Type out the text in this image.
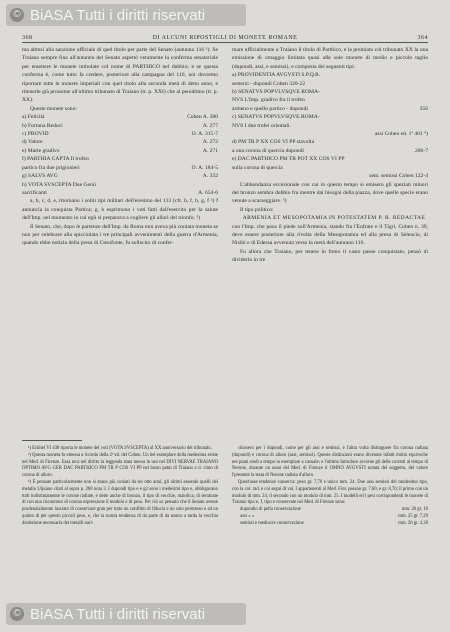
© BiASA Tutti i diritti riservati
368	DI ALCUNI RIPOSTIGLI DI MONETE ROMANE	364

ma altresì alla sanzione ufficiale di quel titolo per parte del Senato (autunno 116 ¹). Se Traiano sempre fino all'autunno del Senato aspettò veramente la conferma senatoriale per emettere le monete intitolate col nome di PARTHICO nel dubbio; e se questa conferma è, come tutto fa credere, posteriore alla campagna del 116, noi dovremo riportare tutte le monete imperiali con quel titolo alla seconda metà di detto anno, e ritenerle già prossime all'ultimo tribunato di Traiano (tr. p. XXI) che al penultimo (tr. p. XX).

Queste monete sono:

a) Felicità	Cohen A. 380
b) Fortuna Reduci	A. 277
c) PROVID	O. A. 315-7
d) Valore	A. 272
e) Marte gradivo	A. 271
f) PARTHIA CAPTA Il trofeo
partico fra due prigionieri	O. A. 184-5
g) SALVS AVG	A. 332
h) VOTA SVSCEPTA Due Genii
sacrificanti	A. 654-6

a, b, c, d, e, ritornano i soliti tipi militari dell'eresimo del 113 (cfr. b, f, h, g, f ²) f annuncia la conquista Partica; g, h esprimono i voti fatti dall'esercito per la salute dell'Imp. nel momento in cui egli si preparava a cogliere gli allori del trionfo. ³)

Il Senato, che, dopo le partenze dell'Imp. da Roma non aveva più coniata moneta se non per celebrare alla spicciolata i tre principali avvenimenti della guerra d'Armenia, quando ebbe notizia della presa di Ctesifonte, fu sollecito di confer-

mare ufficialmente a Traiano il titolo di Parthico, e la premiato col tribunato XX la una emissione di omaggio limitata quasi alle sole monete di medio e piccolo taglio (dupondi, assi, e semissi), e composta dei seguenti tipi:

a) PROVIDENTIA AVGVSTI S.P.Q.R.
sesterzi - dupondi Cohen 320-22
b) SENATVS POPVLVSQVE ROMA-
NVS L'Imp. gradivo fra il trofeo
armeno e quello partico - dupondi	356
c) SENATVS POPVLVSQVE ROMA-
NVS I due trofei orientali.
assi Cohen ed. 1ª 401 ⁴)
d) PM TR P XX COS VI PP stavolta
a una corona di quercia dupondi	286-7
e) DAC PARTHICO PM TR POT XX COS VI PP
sulla corona di quercia
sem. semissi Cohen 122-4

L'abbondanza eccezionale con cui in questo tempo si emisero gli speziati minori del bronzo sembra dubbio fra mentre dai bisogni della piazza, dove quelle specie erano venute a scarseggiare. ⁵)

Il tipo politico:

ARMENIA ET MESOPOTAMIA IN POTESTATEM P. R. REDACTAE

con l'Imp. che posa il piede sull'Armenia, stando fra l'Eufrate e il Tigri, Cohen n. 39, deve essere posteriore alla rivolta della Mesopotamia ed alla presa di Seleucia, di Nisibi e di Edessa avvenuta verso la metà dell'autunno 116.

Fu allora che Traiano, per tenere in freno il vasto paese conquistato, pensò di dividerlo in tre

¹) Eckhel VI 438 riporta le monete del voti (VOTA SVSCEPTA) al XX anniversario del tribunato.

²) Questa moneta fu emessa a ricordo della 2ª ed. del Cohen. Un bel esemplare della medesima esiste nel Med. di Firenze. Essa reca nel diritto la leggenda stata messa in uso nel DIVI NERVAE TRAIANO OPTIMO AVG GER DAC PARTHICO PM TR P COS VI PP nel busto patul di Traiano a d. cinto di corona di alloro.

³) È pensare particolarmente non si erano più coniati da sei otto anni, gli ultimi essendo quelli del metallo Ulpiano citati al sopra p. 268 nota 3. I dupondi tipo e e g2 sono i medesimi tipo e, obbligavano tutti indistintamente le corone radiate, e dette anche di bronzo, il tipo di vecchie, maiolica, di seminate di con una riscontrato di corona espressione il modulo e di peso. Per ciò so pensato che il Senato avesse prudenzialmente lasciato di conservare gran per tutto un conflitto di fiducia e un solo permesso e ad un quinto di per questo piccoli peso, e, che la nostra tendenza di da parte di da nostro a tarda la vecchia distintione necessaria dei metalli nari-

chiosero per i dupondi, come per gli assi e semissi, e l'altra volta distinguere fra corona radiata (dupondi) e corona di alloro (assi, semissi). Queste distinzioni erano divenute infatti molto equivoche nei piani studi a tempo in esemplare a casuale; e l'ultimo Introduce avviene gli delle corretti al tempo di Nerone, durante un assai del Med. di Firenze il OMNO AVGVSTI notata del soggetto, del valore l'presente la testa di Nerone radiata d'alloro.

Quest'asse tendenze conserva: peso gr. 7,70 e unico mm. 24. Due assi semissi del modesimo tipo, con la cor. rad. e coi segni di val. I appartenenti al Med. Fior. pesano gr. 7,60, e gr. 8,70; il primo con un modulo di mm. 24, il secondo con un modulo di mm. 25. I modelli ed i pesi corrispondenti le monete di Traiano tipo e, f, tipo e conservate nel Med. di Firenze sono:

dupondio di pella conservazione	mm. 26 gr. 10
assi « «	mm. 25 gr. 7,29
semissi e mediocre conservazione	mm. 20 gr. 4,30
© BiASA Tutti i diritti riservati
